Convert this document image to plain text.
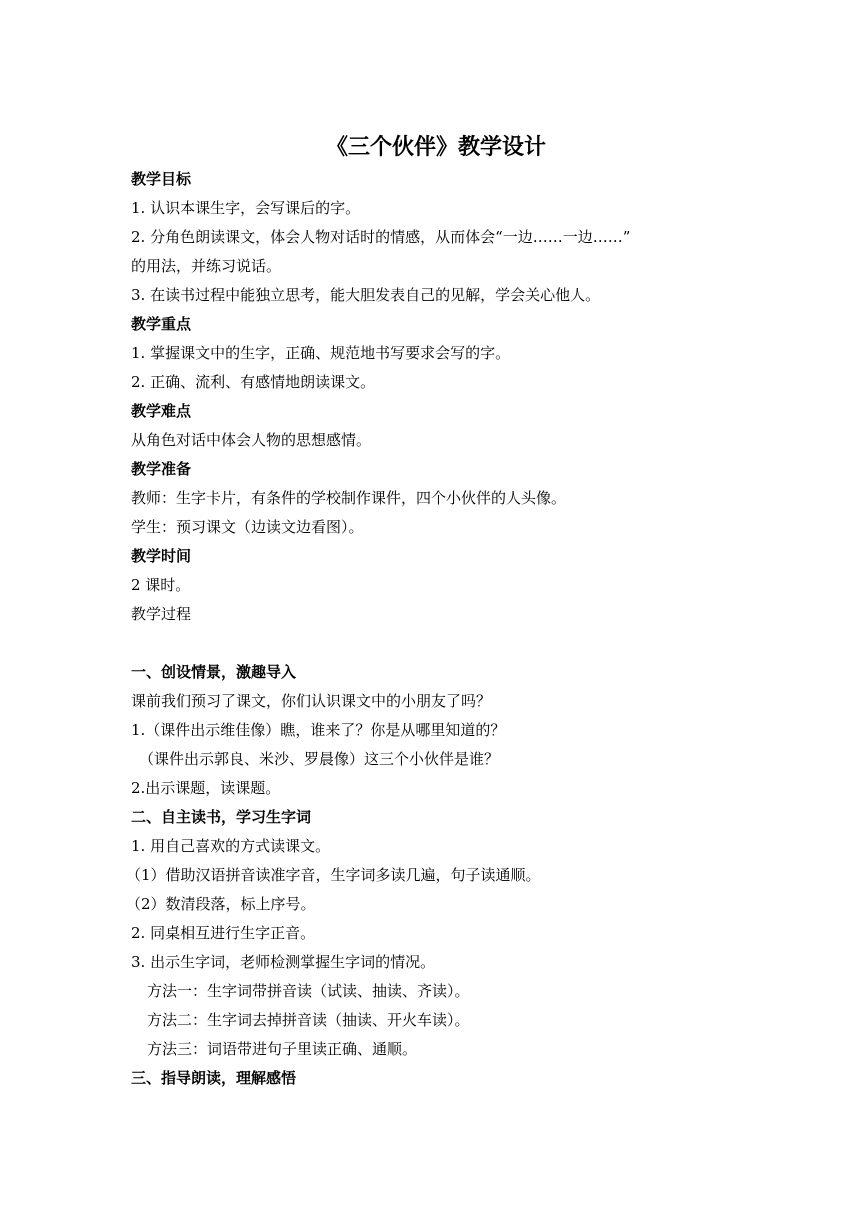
《三个伙伴》教学设计
教学目标
1. 认识本课生字，会写课后的字。
2. 分角色朗读课文，体会人物对话时的情感，从而体会“一边……一边……”
的用法，并练习说话。
3. 在读书过程中能独立思考，能大胆发表自己的见解，学会关心他人。
教学重点
1. 掌握课文中的生字，正确、规范地书写要求会写的字。
2. 正确、流利、有感情地朗读课文。
教学难点
从角色对话中体会人物的思想感情。
教学准备
教师：生字卡片，有条件的学校制作课件，四个小伙伴的人头像。
学生：预习课文（边读文边看图）。
教学时间
2 课时。
教学过程
一、创设情景，激趣导入
课前我们预习了课文，你们认识课文中的小朋友了吗？
1.（课件出示维佳像）瞧，谁来了？你是从哪里知道的？
（课件出示郭良、米沙、罗晨像）这三个小伙伴是谁？
2.出示课题，读课题。
二、自主读书，学习生字词
1. 用自己喜欢的方式读课文。
（1）借助汉语拼音读准字音，生字词多读几遍，句子读通顺。
（2）数清段落，标上序号。
2. 同桌相互进行生字正音。
3. 出示生字词，老师检测掌握生字词的情况。
方法一：生字词带拼音读（试读、抽读、齐读）。
方法二：生字词去掉拼音读（抽读、开火车读）。
方法三：词语带进句子里读正确、通顺。
三、指导朗读，理解感悟
